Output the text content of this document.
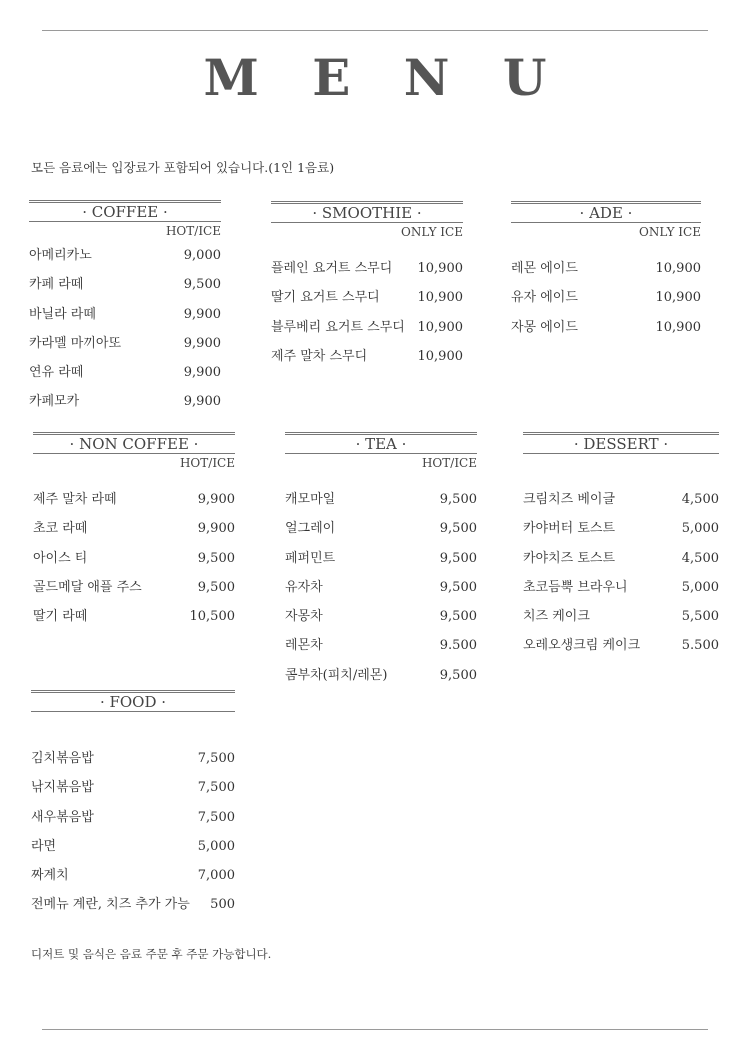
M E N U
모든 음료에는 입장료가 포함되어 있습니다.(1인 1음료)
· COFFEE ·
HOT/ICE
아메리카노	9,000
카페 라떼	9,500
바닐라 라떼	9,900
카라멜 마끼아또	9,900
연유 라떼	9,900
카페모카	9,900
· SMOOTHIE ·
ONLY ICE
플레인 요거트 스무디 10,900
딸기 요거트 스무디	10,900
블루베리 요거트 스무디 10,900
제주 말차 스무디	10,900
· ADE ·
ONLY ICE
레몬 에이드	10,900
유자 에이드	10,900
자몽 에이드	10,900
· NON COFFEE ·
HOT/ICE
제주 말차 라떼	9,900
초코 라떼	9,900
아이스 티	9,500
골드메달 애플 주스	9,500
딸기 라떼	10,500
· TEA ·
HOT/ICE
캐모마일	9,500
얼그레이	9,500
페퍼민트	9,500
유자차	9,500
자몽차	9,500
레몬차	9.500
콤부차(피치/레몬)	9,500
· DESSERT ·
크림치즈 베이글	4,500
카야버터 토스트	5,000
카야치즈 토스트	4,500
초코듬뿍 브라우니	5,000
치즈 케이크	5,500
오레오생크림 케이크	5.500
· FOOD ·
김치볶음밥	7,500
낚지볶음밥	7,500
새우볶음밥	7,500
라면	5,000
짜계치	7,000
전메뉴 계란, 치즈 추가 가능 500
디저트 및 음식은 음료 주문 후 주문 가능합니다.
